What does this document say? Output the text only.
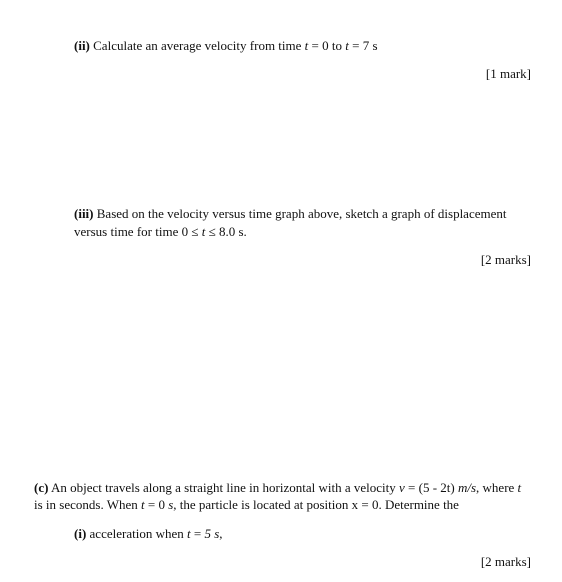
(ii) Calculate an average velocity from time t = 0 to t = 7 s
[1 mark]
(iii) Based on the velocity versus time graph above, sketch a graph of displacement
versus time for time 0 ≤ t ≤ 8.0 s.
[2 marks]
(c) An object travels along a straight line in horizontal with a velocity v = (5 - 2t) m/s, where t
is in seconds. When t = 0 s, the particle is located at position x = 0. Determine the
(i) acceleration when t = 5 s,
[2 marks]
